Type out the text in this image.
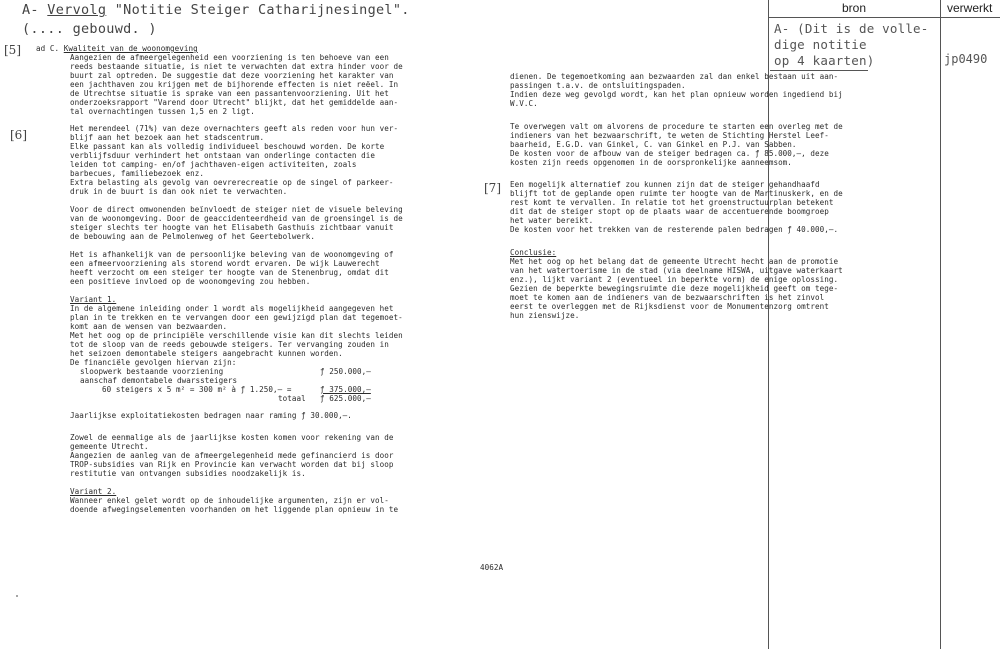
A- Vervolg "Notitie Steiger Catharijnesingel".
(.... gebouwd. )
bron	verwerkt
A- (Dit is de volle-
dige notitie
op 4 kaarten)	jp0490
[5]
[6]
[7]

ad C. Kwaliteit van de woonomgeving

Aangezien de afmeergelegenheid een voorziening is ten behoeve van een

reeds bestaande situatie, is niet te verwachten dat extra hinder voor de

buurt zal optreden. De suggestie dat deze voorziening het karakter van

een jachthaven zou krijgen met de bijhorende effecten is niet reëel. In

de Utrechtse situatie is sprake van een passantenvoorziening. Uit het

onderzoeksrapport "Varend door Utrecht" blijkt, dat het gemiddelde aan-

tal overnachtingen tussen 1,5 en 2 ligt.

Het merendeel (71%) van deze overnachters geeft als reden voor hun ver-

blijf aan het bezoek aan het stadscentrum.

Elke passant kan als volledig individueel beschouwd worden. De korte

verblijfsduur verhindert het ontstaan van onderlinge contacten die

leiden tot camping- en/of jachthaven-eigen activiteiten, zoals

barbecues, familiebezoek enz.

Extra belasting als gevolg van oevrerecreatie op de singel of parkeer-

druk in de buurt is dan ook niet te verwachten.

Voor de direct omwonenden beïnvloedt de steiger niet de visuele beleving

van de woonomgeving. Door de geaccidenteerdheid van de groensingel is de

steiger slechts ter hoogte van het Elisabeth Gasthuis zichtbaar vanuit

de bebouwing aan de Pelmolenweg of het Geertebolwerk.

Het is afhankelijk van de persoonlijke beleving van de woonomgeving of

een afmeervoorziening als storend wordt ervaren. De wijk Lauwerecht

heeft verzocht om een steiger ter hoogte van de Stenenbrug, omdat dit

een positieve invloed op de woonomgeving zou hebben.

Variant 1.

In de algemene inleiding onder 1 wordt als mogelijkheid aangegeven het

plan in te trekken en te vervangen door een gewijzigd plan dat tegemoet-

komt aan de wensen van bezwaarden.

Met het oog op de principiële verschillende visie kan dit slechts leiden

tot de sloop van de reeds gebouwde steigers. Ter vervanging zouden in

het seizoen demontabele steigers aangebracht kunnen worden.

De financiële gevolgen hiervan zijn:

sloopwerk bestaande voorziening	ƒ 250.000,—
aanschaf demontabele dwarssteigers
60 steigers x 5 m² = 300 m² à ƒ 1.250,— =	ƒ 375.000,—
totaal ƒ 625.000,—

Jaarlijkse exploitatiekosten bedragen naar raming ƒ 30.000,—.

Zowel de eenmalige als de jaarlijkse kosten komen voor rekening van de

gemeente Utrecht.

Aangezien de aanleg van de afmeergelegenheid mede gefinancierd is door

TROP-subsidies van Rijk en Provincie kan verwacht worden dat bij sloop

restitutie van ontvangen subsidies noodzakelijk is.

Variant 2.

Wanneer enkel gelet wordt op de inhoudelijke argumenten, zijn er vol-

doende afwegingselementen voorhanden om het liggende plan opnieuw in te

dienen. De tegemoetkoming aan bezwaarden zal dan enkel bestaan uit aan-

passingen t.a.v. de ontsluitingspaden.

Indien deze weg gevolgd wordt, kan het plan opnieuw worden ingediend bij

W.V.C.

Te overwegen valt om alvorens de procedure te starten een overleg met de

indieners van het bezwaarschrift, te weten de Stichting Herstel Leef-

baarheid, E.G.D. van Ginkel, C. van Ginkel en P.J. van Sabben.

De kosten voor de afbouw van de steiger bedragen ca. ƒ 85.000,—, deze

kosten zijn reeds opgenomen in de oorspronkelijke aanneemsom.

Een mogelijk alternatief zou kunnen zijn dat de steiger gehandhaafd

blijft tot de geplande open ruimte ter hoogte van de Martinuskerk, en de

rest komt te vervallen. In relatie tot het groenstructuurplan betekent

dit dat de steiger stopt op de plaats waar de accentuerende boomgroep

het water bereikt.

De kosten voor het trekken van de resterende palen bedragen ƒ 40.000,—.

Conclusie:

Met het oog op het belang dat de gemeente Utrecht hecht aan de promotie

van het watertoerisme in de stad (via deelname HISWA, uitgave waterkaart

enz.), lijkt variant 2 (eventueel in beperkte vorm) de enige oplossing.

Gezien de beperkte bewegingsruimte die deze mogelijkheid geeft om tege-

moet te komen aan de indieners van de bezwaarschriften is het zinvol

eerst te overleggen met de Rijksdienst voor de Monumentenzorg omtrent

hun zienswijze.

4062A
